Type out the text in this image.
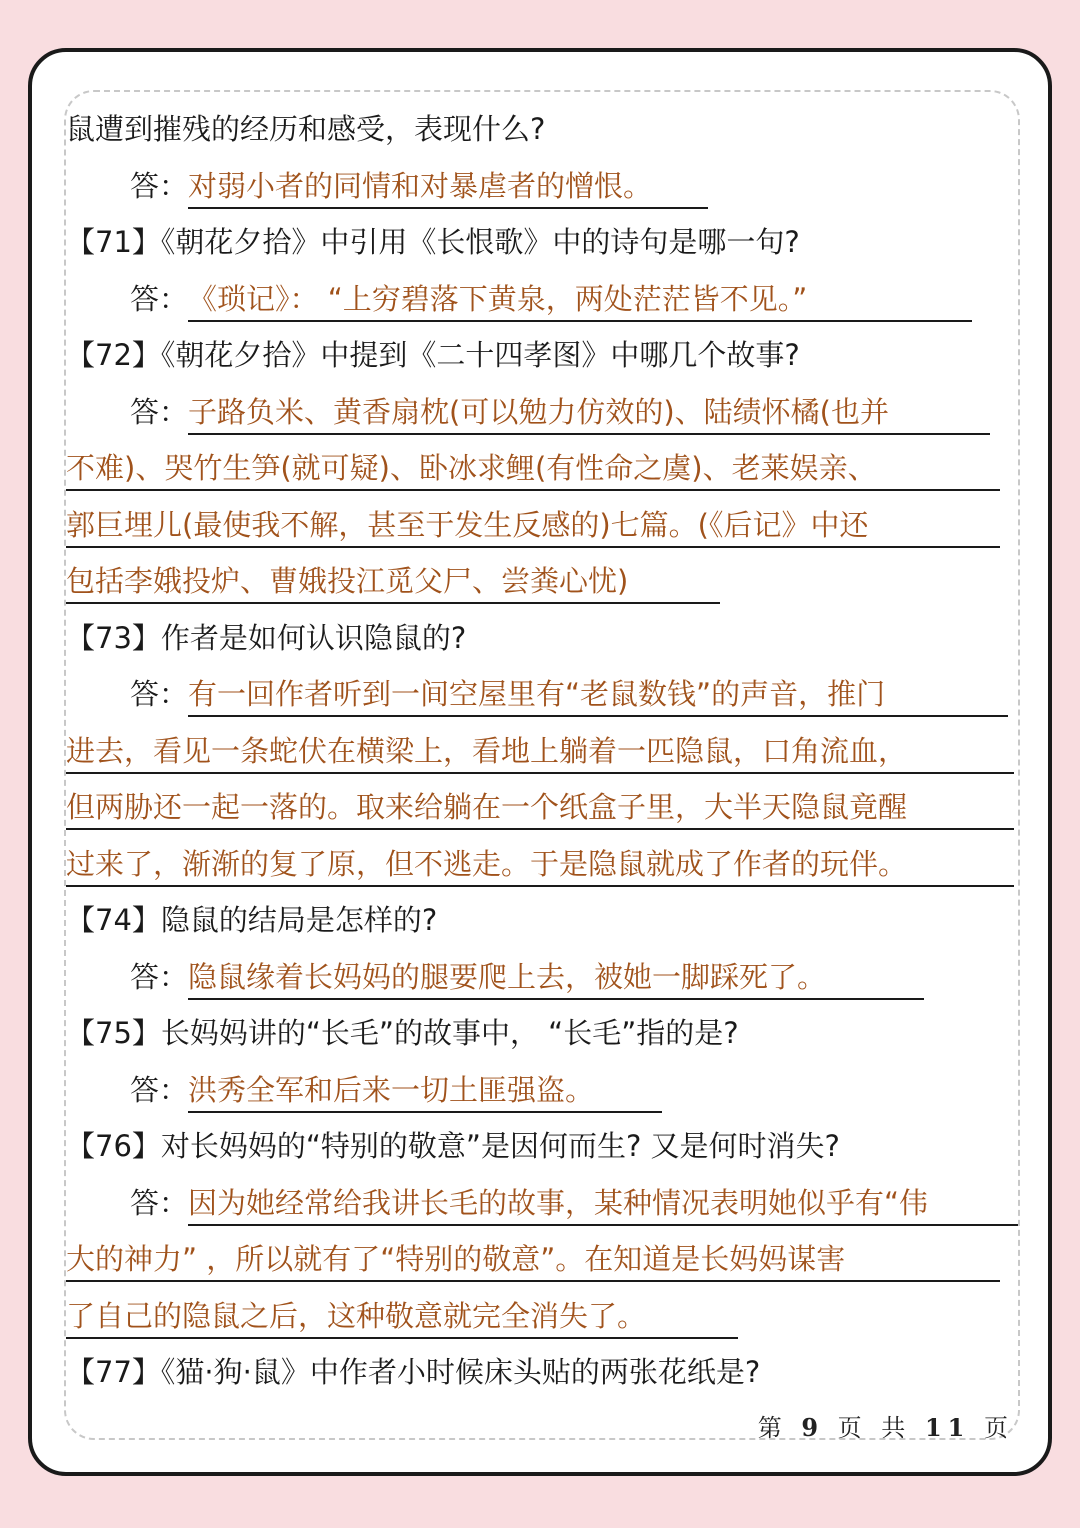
鼠遭到摧残的经历和感受，表现什么?
答：对弱小者的同情和对暴虐者的憎恨。
【71】《朝花夕拾》中引用《长恨歌》中的诗句是哪一句?
答：《琐记》： “上穷碧落下黄泉，两处茫茫皆不见。”
【72】《朝花夕拾》中提到《二十四孝图》中哪几个故事?
答：子路负米、黄香扇枕(可以勉力仿效的)、陆绩怀橘(也并
不难)、哭竹生笋(就可疑)、卧冰求鲤(有性命之虞)、老莱娱亲、
郭巨埋儿(最使我不解，甚至于发生反感的)七篇。(《后记》中还
包括李娥投炉、曹娥投江觅父尸、尝粪心忧)
【73】作者是如何认识隐鼠的?
答：有一回作者听到一间空屋里有“老鼠数钱”的声音，推门
进去，看见一条蛇伏在横梁上，看地上躺着一匹隐鼠，口角流血，
但两胁还一起一落的。取来给躺在一个纸盒子里，大半天隐鼠竟醒
过来了，渐渐的复了原，但不逃走。于是隐鼠就成了作者的玩伴。
【74】隐鼠的结局是怎样的?
答：隐鼠缘着长妈妈的腿要爬上去，被她一脚踩死了。
【75】长妈妈讲的“长毛”的故事中， “长毛”指的是?
答：洪秀全军和后来一切土匪强盗。
【76】对长妈妈的“特别的敬意”是因何而生? 又是何时消失?
答：因为她经常给我讲长毛的故事，某种情况表明她似乎有“伟
大的神力” ，所以就有了“特别的敬意”。在知道是长妈妈谋害
了自己的隐鼠之后，这种敬意就完全消失了。
【77】《猫·狗·鼠》中作者小时候床头贴的两张花纸是?
第 9 页 共 11 页
